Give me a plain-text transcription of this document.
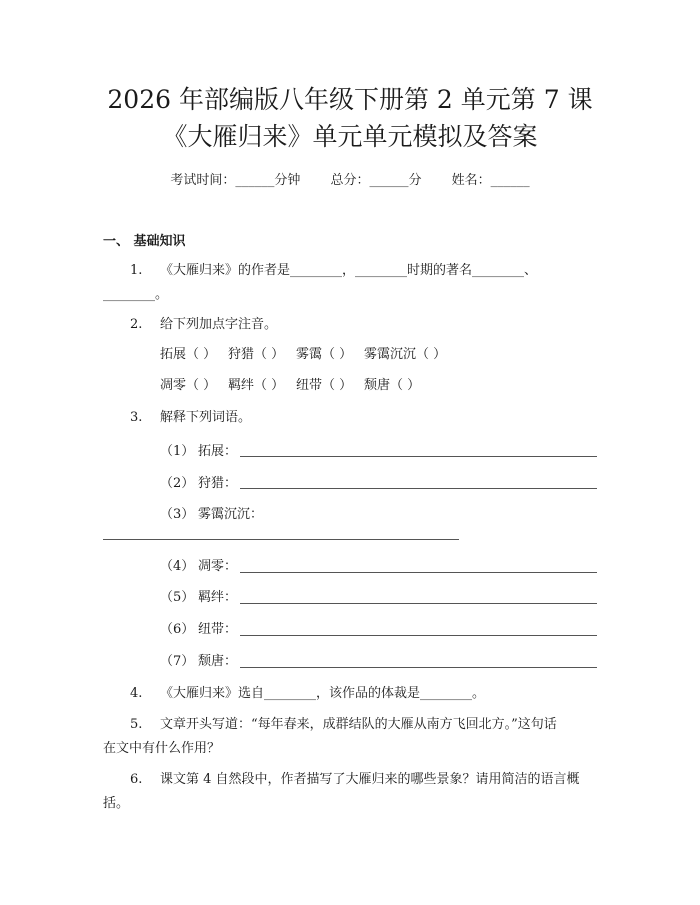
2026 年部编版八年级下册第 2 单元第 7 课
《大雁归来》单元单元模拟及答案
考试时间：______分钟 总分：______分 姓名：______
一、 基础知识
1. 《大雁归来》的作者是________，________时期的著名________、
________。
2. 给下列加点字注音。
拓展（ ） 狩猎（ ） 雾霭（ ） 雾霭沉沉（ ）
凋零（ ） 羁绊（ ） 纽带（ ） 颓唐（ ）
3. 解释下列词语。
（1） 拓展：
（2） 狩猎：
（3） 雾霭沉沉：
（4） 凋零：
（5） 羁绊：
（6） 纽带：
（7） 颓唐：
4. 《大雁归来》选自________，该作品的体裁是________。
5. 文章开头写道：“每年春来，成群结队的大雁从南方飞回北方。”这句话
在文中有什么作用？
6. 课文第 4 自然段中，作者描写了大雁归来的哪些景象？请用简洁的语言概
括。
